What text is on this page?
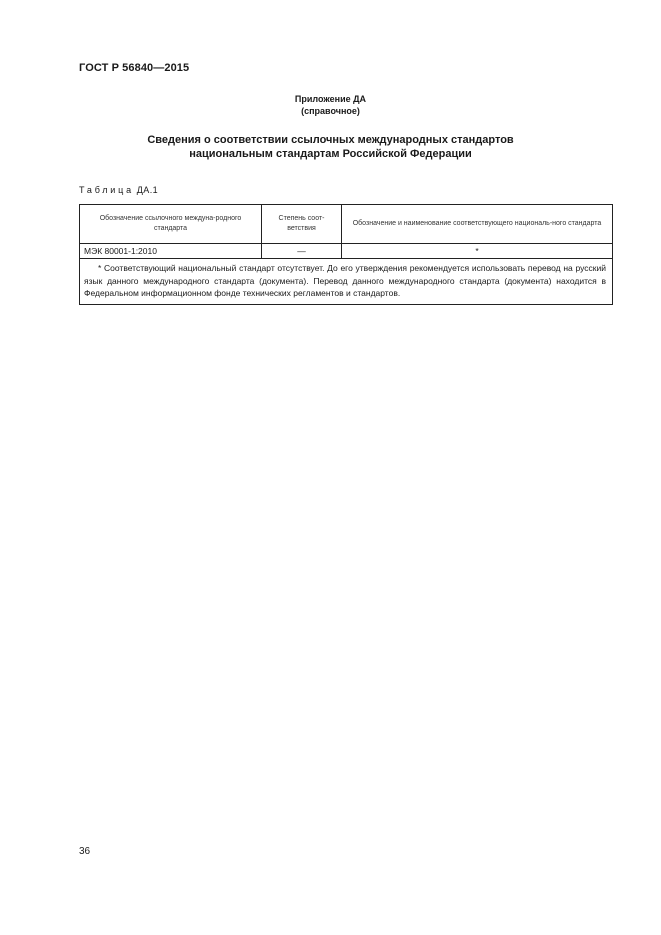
ГОСТ Р 56840—2015
Приложение ДА
(справочное)
Сведения о соответствии ссылочных международных стандартов
национальным стандартам Российской Федерации
Таблица ДА.1
Обозначение ссылочного междуна-родного стандарта	Степень соот-ветствия	Обозначение и наименование соответствующего националь-ного стандарта
МЭК 80001-1:2010	—	*
* Соответствующий национальный стандарт отсутствует. До его утверждения рекомендуется использовать перевод на русский язык данного международного стандарта (документа). Перевод данного международного стандарта (документа) находится в Федеральном информационном фонде технических регламентов и стандартов.		
36
